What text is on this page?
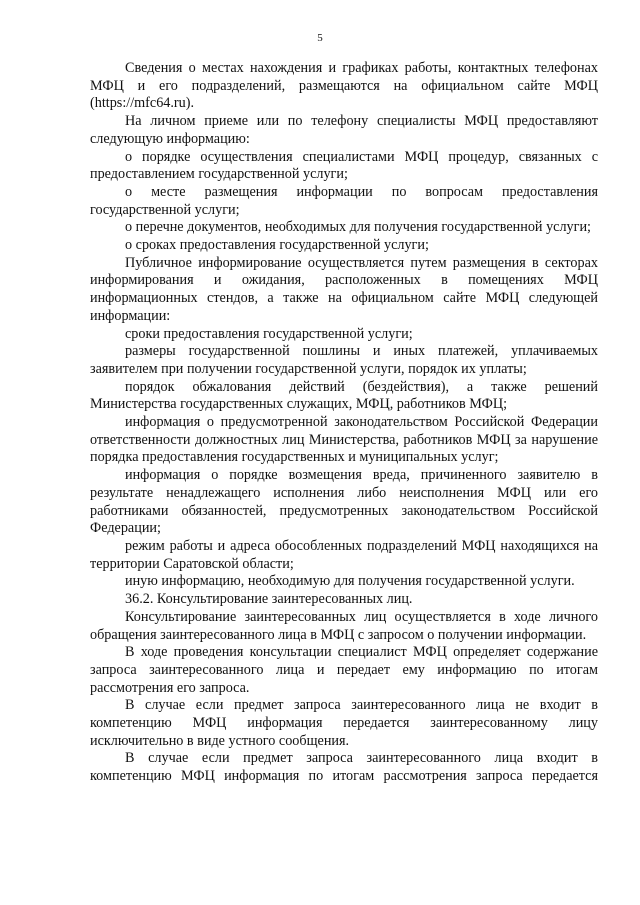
5

Сведения о местах нахождения и графиках работы, контактных телефонах МФЦ и его подразделений, размещаются на официальном сайте МФЦ (https://mfc64.ru).

На личном приеме или по телефону специалисты МФЦ предоставляют следующую информацию:

о порядке осуществления специалистами МФЦ процедур, связанных с предоставлением государственной услуги;

о месте размещения информации по вопросам предоставления государственной услуги;

о перечне документов, необходимых для получения государственной услуги;

о сроках предоставления государственной услуги;

Публичное информирование осуществляется путем размещения в секторах информирования и ожидания, расположенных в помещениях МФЦ информационных стендов, а также на официальном сайте МФЦ следующей информации:

сроки предоставления государственной услуги;

размеры государственной пошлины и иных платежей, уплачиваемых заявителем при получении государственной услуги, порядок их уплаты;

порядок обжалования действий (бездействия), а также решений Министерства государственных служащих, МФЦ, работников МФЦ;

информация о предусмотренной законодательством Российской Федерации ответственности должностных лиц Министерства, работников МФЦ за нарушение порядка предоставления государственных и муниципальных услуг;

информация о порядке возмещения вреда, причиненного заявителю в результате ненадлежащего исполнения либо неисполнения МФЦ или его работниками обязанностей, предусмотренных законодательством Российской Федерации;

режим работы и адреса обособленных подразделений МФЦ находящихся на территории Саратовской области;

иную информацию, необходимую для получения государственной услуги.

36.2. Консультирование заинтересованных лиц.

Консультирование заинтересованных лиц осуществляется в ходе личного обращения заинтересованного лица в МФЦ с запросом о получении информации.

В ходе проведения консультации специалист МФЦ определяет содержание запроса заинтересованного лица и передает ему информацию по итогам рассмотрения его запроса.

В случае если предмет запроса заинтересованного лица не входит в компетенцию МФЦ информация передается заинтересованному лицу исключительно в виде устного сообщения.

В случае если предмет запроса заинтересованного лица входит в компетенцию МФЦ информация по итогам рассмотрения запроса передается
